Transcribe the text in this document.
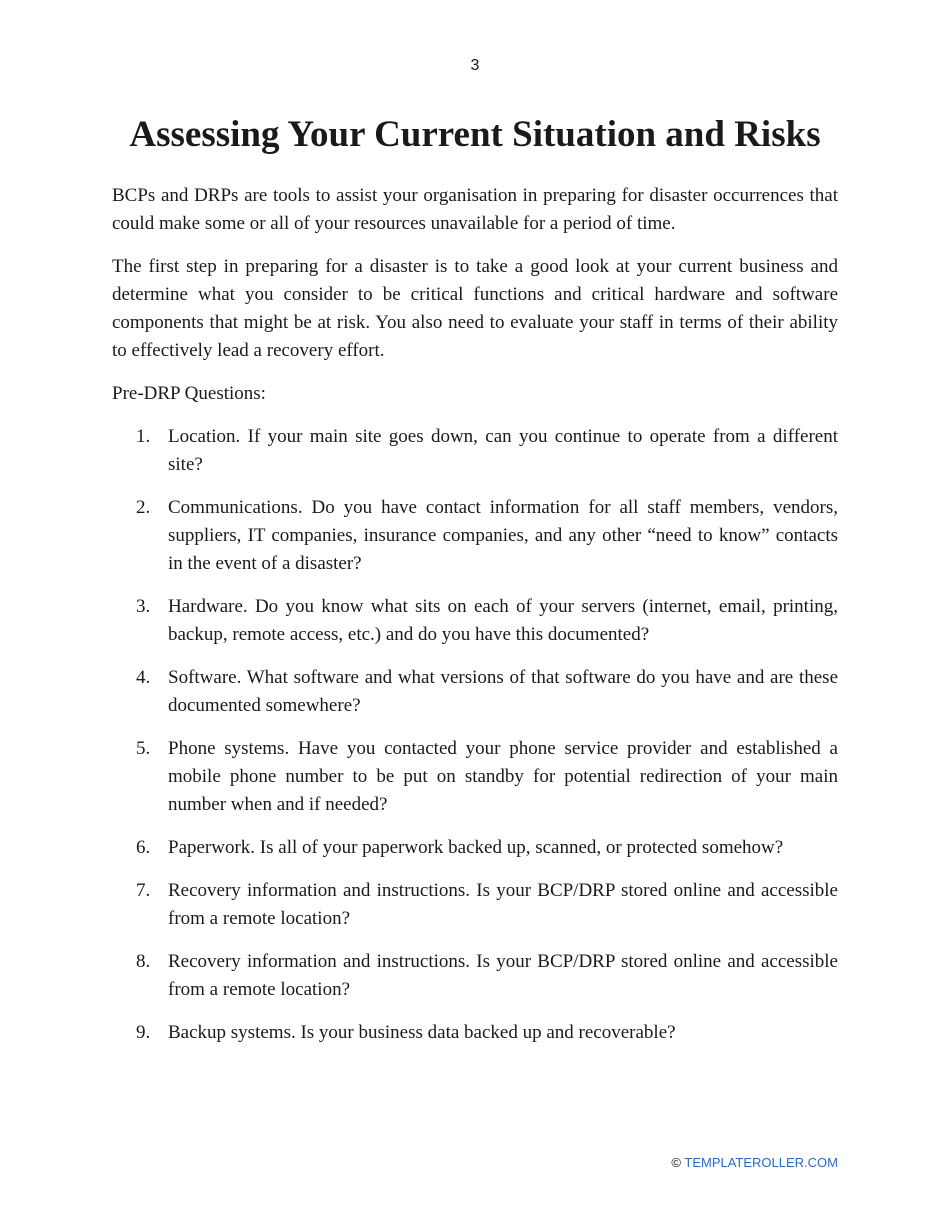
3
Assessing Your Current Situation and Risks

BCPs and DRPs are tools to assist your organisation in preparing for disaster occurrences that could make some or all of your resources unavailable for a period of time.

The first step in preparing for a disaster is to take a good look at your current business and determine what you consider to be critical functions and critical hardware and software components that might be at risk. You also need to evaluate your staff in terms of their ability to effectively lead a recovery effort.

Pre-DRP Questions:

1. Location. If your main site goes down, can you continue to operate from a different site?
2. Communications. Do you have contact information for all staff members, vendors, suppliers, IT companies, insurance companies, and any other “need to know” contacts in the event of a disaster?
3. Hardware. Do you know what sits on each of your servers (internet, email, printing, backup, remote access, etc.) and do you have this documented?
4. Software. What software and what versions of that software do you have and are these documented somewhere?
5. Phone systems. Have you contacted your phone service provider and established a mobile phone number to be put on standby for potential redirection of your main number when and if needed?
6. Paperwork. Is all of your paperwork backed up, scanned, or protected somehow?
7. Recovery information and instructions. Is your BCP/DRP stored online and accessible from a remote location?
8. Recovery information and instructions. Is your BCP/DRP stored online and accessible from a remote location?
9. Backup systems. Is your business data backed up and recoverable?
© TEMPLATEROLLER.COM
